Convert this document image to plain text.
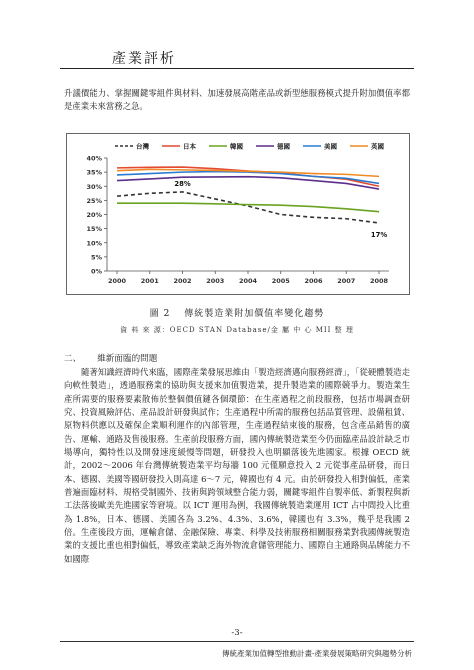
產業評析

升議價能力、掌握關鍵零組件與材料、加速發展高階產品或新型態服務模式提升附加價值率都是產業未來當務之急。

0%
5%
10%
15%
20%
25%
30%
35%
40%
2000 2001 2002 2003 2004 2005 2006 2007 2008
台灣	日本	韓國	德國	美國	英國
28%
17%
圖 2　 傳統製造業附加價值率變化趨勢
資 料 來 源：OECD STAN Database/金 屬 中 心 MII 整 理
二、 維新面臨的問題

隨著知識經濟時代來臨，國際產業發展思維由「製造經濟邁向服務經濟」，「從硬體製造走向軟性製造」，透過服務業的協助與支援來加值製造業，提升製造業的國際競爭力。製造業生產所需要的服務要素散佈於整個價值鏈各個環節：在生產過程之前段服務，包括市場調查研究、投資風險評估、產品設計研發與試作；生產過程中所需的服務包括品質管理、設備租賃、原物料供應以及確保企業順利運作的內部管理，生產過程結束後的服務，包含產品銷售的廣告、運輸、通路及售後服務。生產前段服務方面，國內傳統製造業至今仍面臨產品設計缺乏市場導向，獨特性以及開發速度緩慢等問題，研發投入也明顯落後先進國家。根據 OECD 統計，2002～2006 年台灣傳統製造業平均每牆 100 元僅願意投入 2 元從事產品研發，而日本、德國、美國等國研發投入則高達 6～7 元，韓國也有 4 元。由於研發投入相對偏低，產業普遍面臨材料、規格受制國外、技術與跨領域整合能力弱，關鍵零組件自製率低、新製程與新工法落後歐美先進國家等窘境。以 ICT 運用為例，我國傳統製造業運用 ICT 占中間投入比重為 1.8%，日本、德國、美國各為 3.2%、4.3%、3.6%，韓國也有 3.3%，幾乎是我國 2 倍。生產後段方面，運輸倉儲、金融保險、專業、科學及技術服務相關服務業對我國傳統製造業的支援比重也相對偏低，導致產業缺乏海外物流倉儲管理能力、國際自主通路與品牌能力不如國際

-3-
傳統產業加值轉型推動計畫-產業發展策略研究與趨勢分析
